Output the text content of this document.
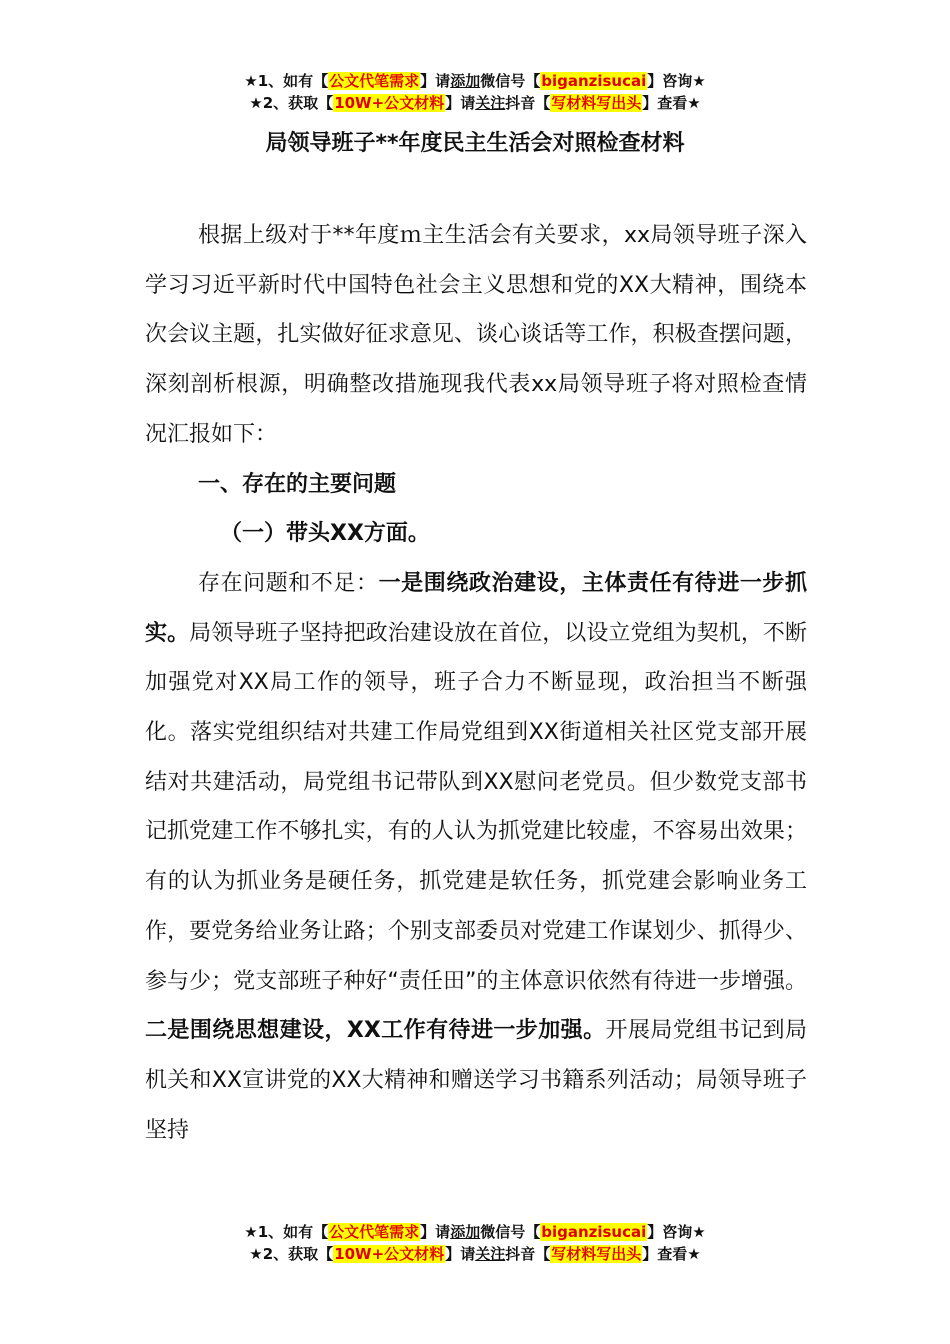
★1、如有【公文代笔需求】请添加微信号【biganzisucai】咨询★
★2、获取【10W+公文材料】请关注抖音【写材料写出头】查看★
局领导班子**年度民主生活会对照检查材料

根据上级对于**年度ｍ主生活会有关要求，xx局领导班子深入学习习近平新时代中国特色社会主义思想和党的XX大精神，围绕本次会议主题，扎实做好征求意见、谈心谈话等工作，积极查摆问题，深刻剖析根源，明确整改措施现我代表xx局领导班子将对照检查情况汇报如下：

一、存在的主要问题

（一）带头XX方面。

存在问题和不足：一是围绕政治建设，主体责任有待进一步抓实。局领导班子坚持把政治建设放在首位，以设立党组为契机，不断加强党对XX局工作的领导，班子合力不断显现，政治担当不断强化。落实党组织结对共建工作局党组到XX街道相关社区党支部开展结对共建活动，局党组书记带队到XX慰问老党员。但少数党支部书记抓党建工作不够扎实，有的人认为抓党建比较虚，不容易出效果；有的认为抓业务是硬任务，抓党建是软任务，抓党建会影响业务工作，要党务给业务让路；个别支部委员对党建工作谋划少、抓得少、参与少；党支部班子种好“责任田”的主体意识依然有待进一步增强。二是围绕思想建设，XX工作有待进一步加强。开展局党组书记到局机关和XX宣讲党的XX大精神和赠送学习书籍系列活动；局领导班子坚持

★1、如有【公文代笔需求】请添加微信号【biganzisucai】咨询★
★2、获取【10W+公文材料】请关注抖音【写材料写出头】查看★
